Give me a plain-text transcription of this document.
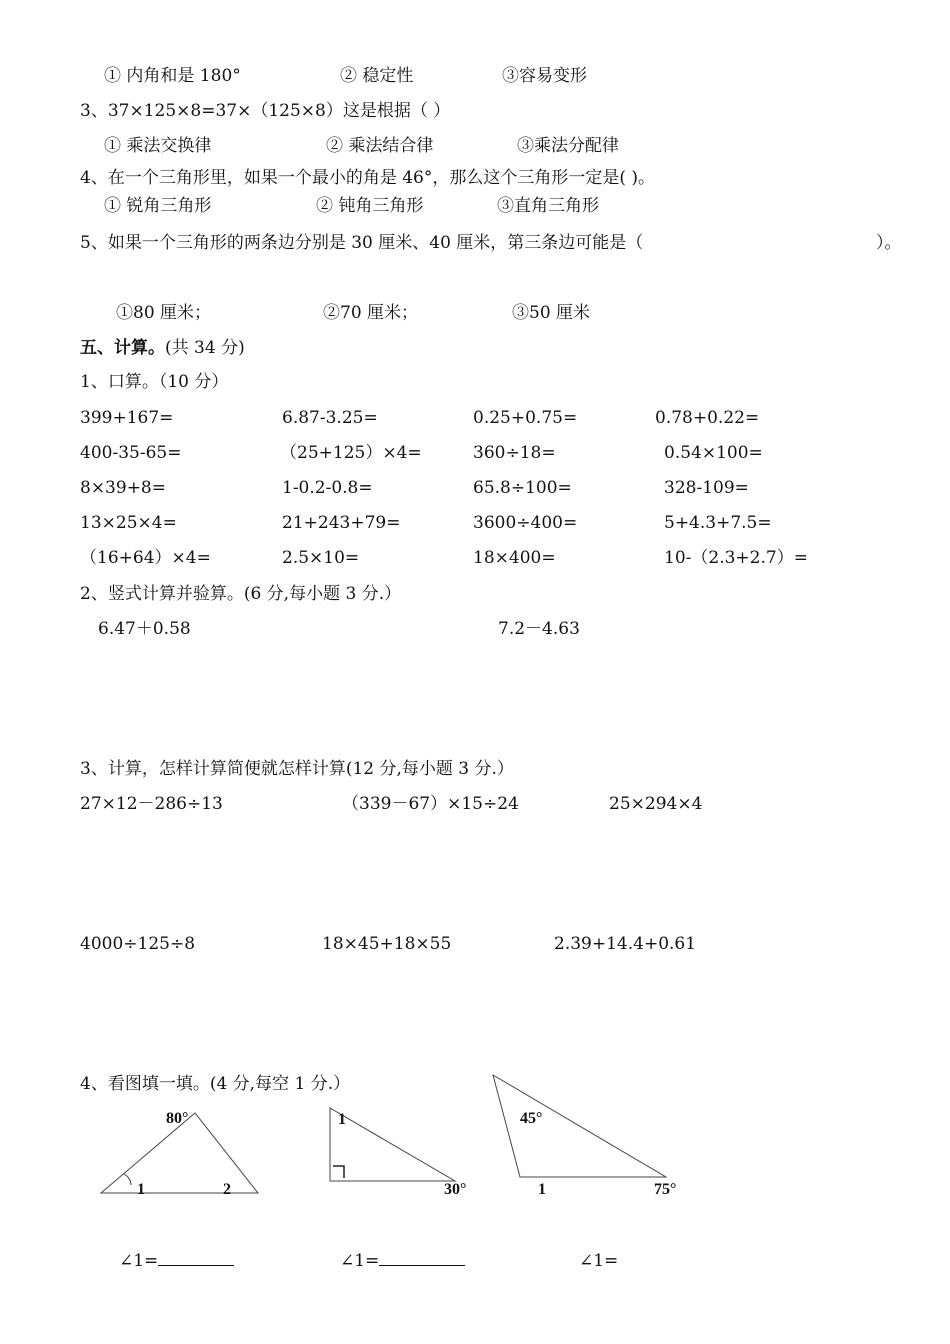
① 内角和是 180°	② 稳定性	③容易变形
3、37×125×8=37×（125×8）这是根据（ ）
① 乘法交换律	② 乘法结合律	③乘法分配律
4、在一个三角形里，如果一个最小的角是 46°，那么这个三角形一定是( )。
① 锐角三角形	② 钝角三角形	③直角三角形
5、如果一个三角形的两条边分别是 30 厘米、40 厘米，第三条边可能是（	）。
①80 厘米；	②70 厘米；	③50 厘米
五、计算。(共 34 分)
1、口算。（10 分）
399+167=	6.87-3.25=	0.25+0.75=	0.78+0.22=
400-35-65=	（25+125）×4=	360÷18=	0.54×100=
8×39+8=	1-0.2-0.8=	65.8÷100=	328-109=
13×25×4=	21+243+79=	3600÷400=	5+4.3+7.5=
（16+64）×4=	2.5×10=	18×400=	10-（2.3+2.7）=
2、竖式计算并验算。(6 分,每小题 3 分.）
6.47＋0.58	7.2－4.63
3、计算，怎样计算简便就怎样计算(12 分,每小题 3 分.）
27×12－286÷13	（339－67）×15÷24	25×294×4
4000÷125÷8	18×45+18×55	2.39+14.4+0.61
4、看图填一填。(4 分,每空 1 分.）
80°
1	2
1
30°
45°
1	75°
∠1=	∠1=	∠1=
